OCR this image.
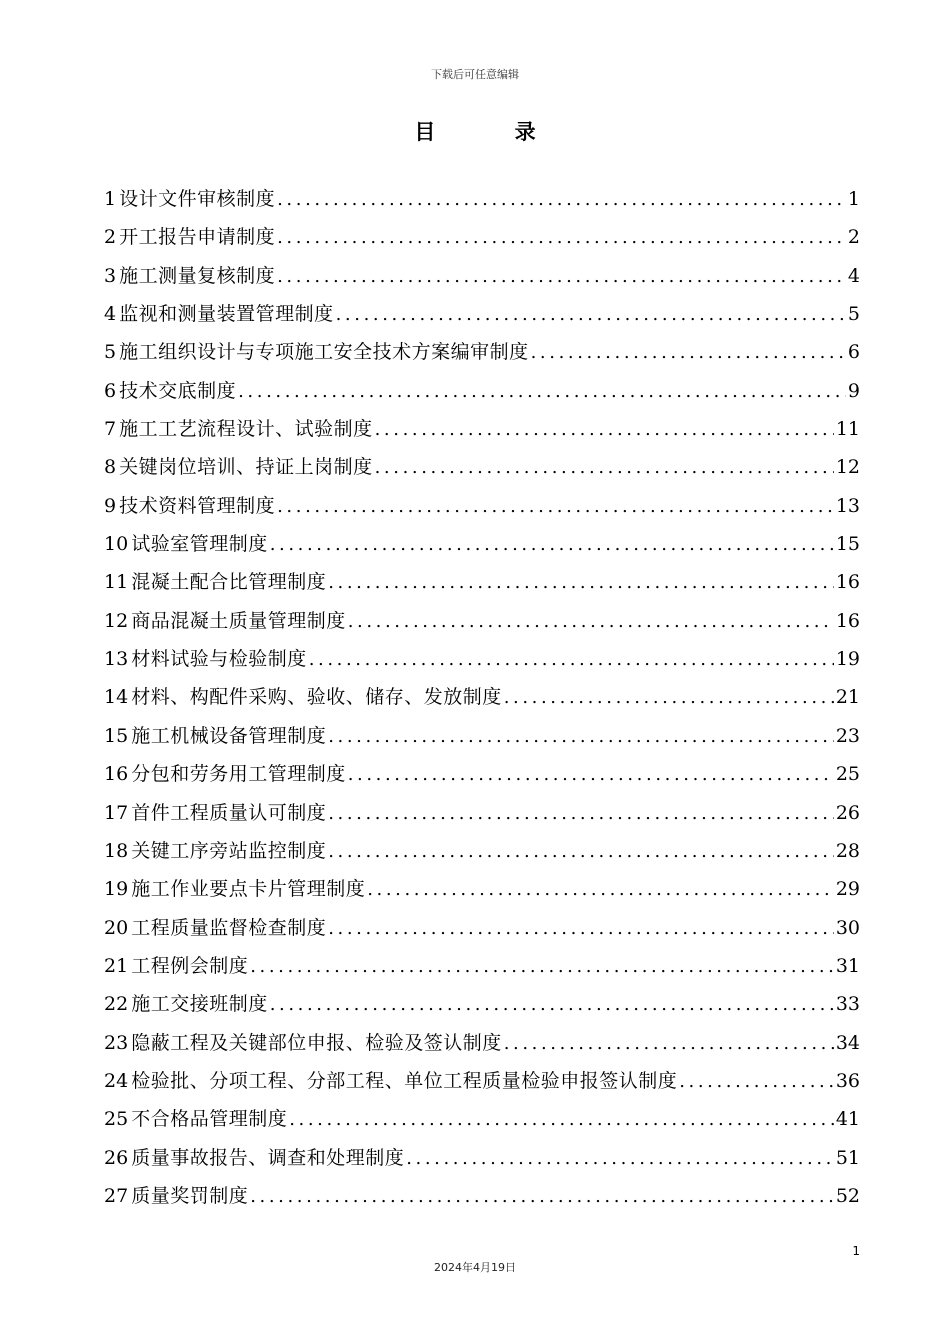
下载后可任意编辑
目 录
1 设计文件审核制度 .....	1
2 开工报告申请制度 .....	2
3 施工测量复核制度 .....	4
4 监视和测量装置管理制度 .....	5
5 施工组织设计与专项施工安全技术方案编审制度 .....	6
6 技术交底制度 .....	9
7 施工工艺流程设计、试验制度 .....	11
8 关键岗位培训、持证上岗制度 .....	12
9 技术资料管理制度 .....	13
10 试验室管理制度 .....	15
11 混凝土配合比管理制度 .....	16
12 商品混凝土质量管理制度 .....	16
13 材料试验与检验制度 .....	19
14 材料、构配件采购、验收、储存、发放制度 .....	21
15 施工机械设备管理制度 .....	23
16 分包和劳务用工管理制度 .....	25
17 首件工程质量认可制度 .....	26
18 关键工序旁站监控制度 .....	28
19 施工作业要点卡片管理制度 .....	29
20 工程质量监督检查制度 .....	30
21 工程例会制度 .....	31
22 施工交接班制度 .....	33
23 隐蔽工程及关键部位申报、检验及签认制度 .....	34
24 检验批、分项工程、分部工程、单位工程质量检验申报签认制度 .....	36
25 不合格品管理制度 .....	41
26 质量事故报告、调查和处理制度 .....	51
27 质量奖罚制度 .....	52
1
2024年4月19日
